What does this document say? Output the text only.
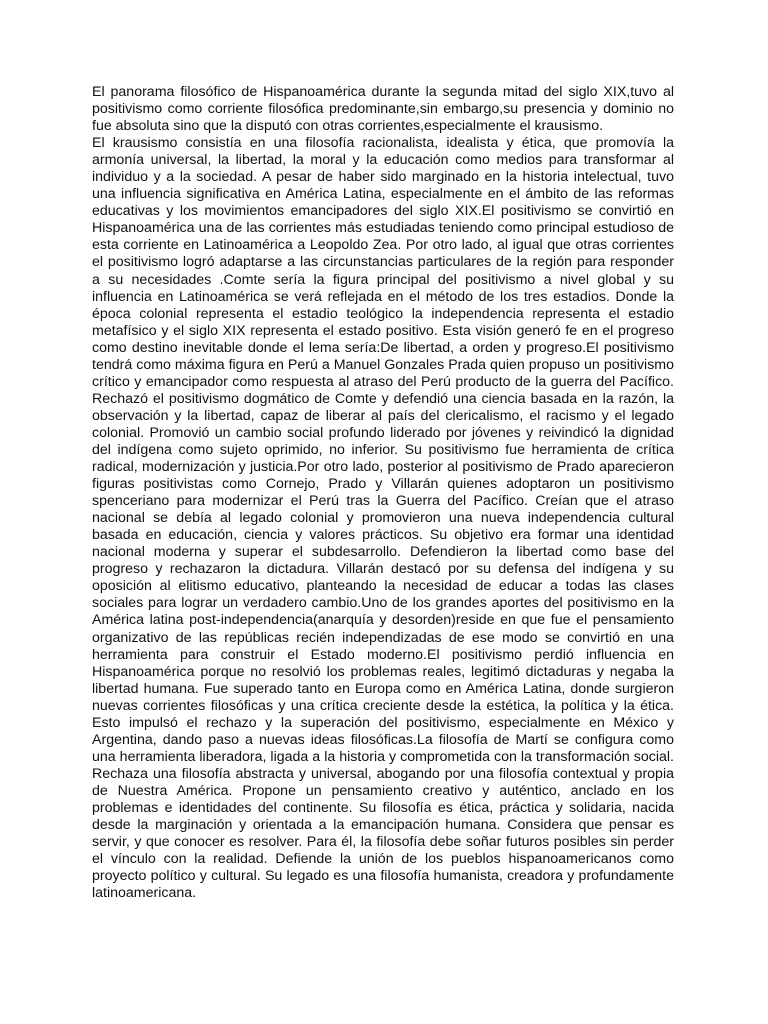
El panorama filosófico de Hispanoamérica durante la segunda mitad del siglo XIX,tuvo al positivismo como corriente filosófica predominante,sin embargo,su presencia y dominio no fue absoluta sino que la disputó con otras corrientes,especialmente el krausismo.

El krausismo consistía en una filosofía racionalista, idealista y ética, que promovía la armonía universal, la libertad, la moral y la educación como medios para transformar al individuo y a la sociedad. A pesar de haber sido marginado en la historia intelectual, tuvo una influencia significativa en América Latina, especialmente en el ámbito de las reformas educativas y los movimientos emancipadores del siglo XIX.El positivismo se convirtió en Hispanoamérica una de las corrientes más estudiadas teniendo como principal estudioso de esta corriente en Latinoamérica a Leopoldo Zea. Por otro lado, al igual que otras corrientes el positivismo logró adaptarse a las circunstancias particulares de la región para responder a su necesidades .Comte sería la figura principal del positivismo a nivel global y su influencia en Latinoamérica se verá reflejada en el método de los tres estadios. Donde la época colonial representa el estadio teológico la independencia representa el estadio metafísico y el siglo XIX representa el estado positivo. Esta visión generó fe en el progreso como destino inevitable donde el lema sería:De libertad, a orden y progreso.El positivismo tendrá como máxima figura en Perú a Manuel Gonzales Prada quien propuso un positivismo crítico y emancipador como respuesta al atraso del Perú producto de la guerra del Pacífico. Rechazó el positivismo dogmático de Comte y defendió una ciencia basada en la razón, la observación y la libertad, capaz de liberar al país del clericalismo, el racismo y el legado colonial. Promovió un cambio social profundo liderado por jóvenes y reivindicó la dignidad del indígena como sujeto oprimido, no inferior. Su positivismo fue herramienta de crítica radical, modernización y justicia.Por otro lado, posterior al positivismo de Prado aparecieron figuras positivistas como Cornejo, Prado y Villarán quienes adoptaron un positivismo spenceriano para modernizar el Perú tras la Guerra del Pacífico. Creían que el atraso nacional se debía al legado colonial y promovieron una nueva independencia cultural basada en educación, ciencia y valores prácticos. Su objetivo era formar una identidad nacional moderna y superar el subdesarrollo. Defendieron la libertad como base del progreso y rechazaron la dictadura. Villarán destacó por su defensa del indígena y su oposición al elitismo educativo, planteando la necesidad de educar a todas las clases sociales para lograr un verdadero cambio.Uno de los grandes aportes del positivismo en la América latina post-independencia(anarquía y desorden)reside en que fue el pensamiento organizativo de las repúblicas recién independizadas de ese modo se convirtió en una herramienta para construir el Estado moderno.El positivismo perdió influencia en Hispanoamérica porque no resolvió los problemas reales, legitimó dictaduras y negaba la libertad humana. Fue superado tanto en Europa como en América Latina, donde surgieron nuevas corrientes filosóficas y una crítica creciente desde la estética, la política y la ética. Esto impulsó el rechazo y la superación del positivismo, especialmente en México y Argentina, dando paso a nuevas ideas filosóficas.La filosofía de Martí se configura como una herramienta liberadora, ligada a la historia y comprometida con la transformación social. Rechaza una filosofía abstracta y universal, abogando por una filosofía contextual y propia de Nuestra América. Propone un pensamiento creativo y auténtico, anclado en los problemas e identidades del continente. Su filosofía es ética, práctica y solidaria, nacida desde la marginación y orientada a la emancipación humana. Considera que pensar es servir, y que conocer es resolver. Para él, la filosofía debe soñar futuros posibles sin perder el vínculo con la realidad. Defiende la unión de los pueblos hispanoamericanos como proyecto político y cultural. Su legado es una filosofía humanista, creadora y profundamente latinoamericana.
